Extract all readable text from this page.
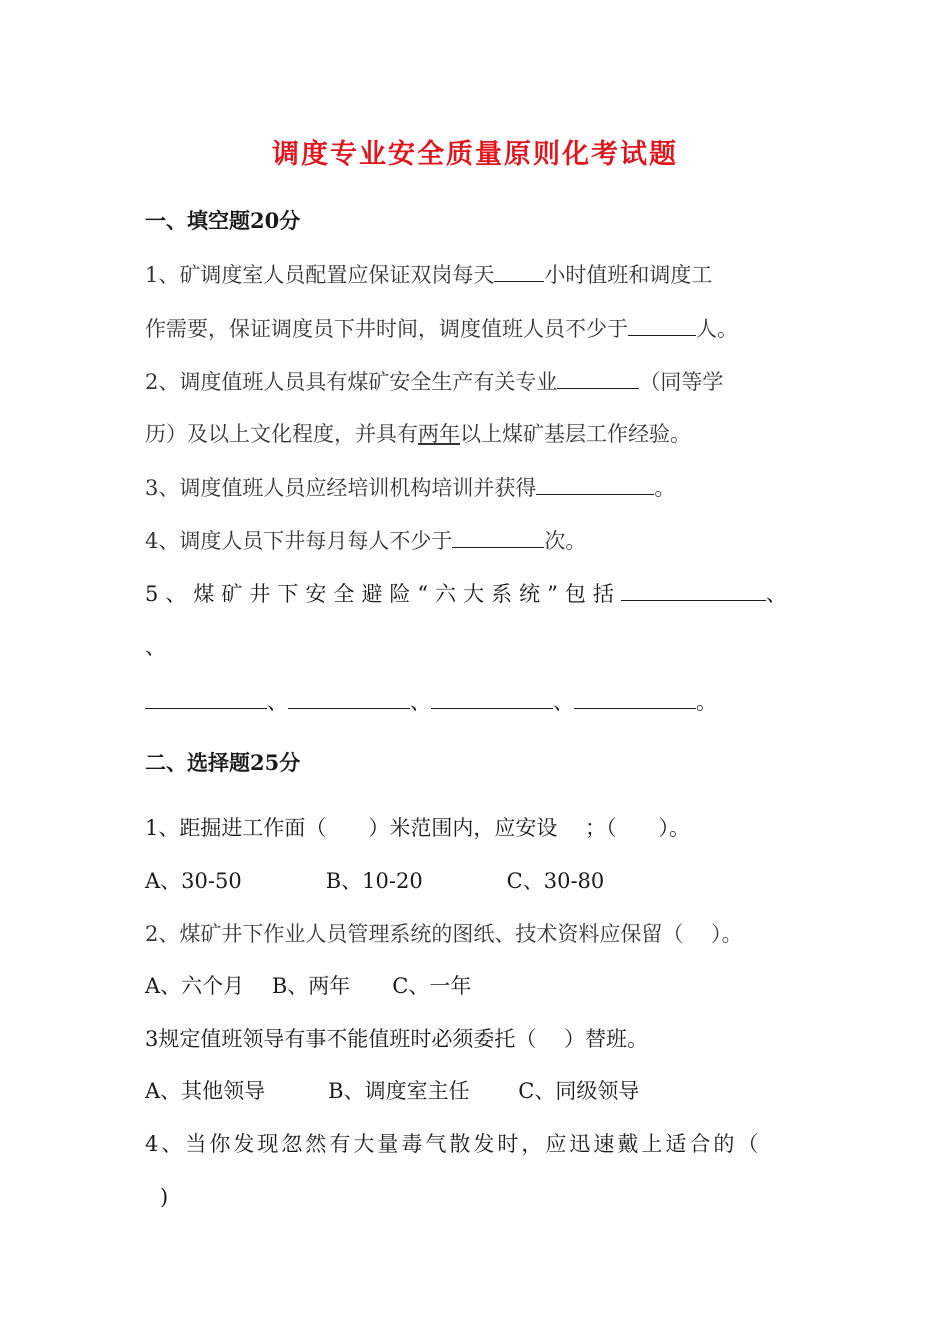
调度专业安全质量原则化考试题
一、填空题20分
1、矿调度室人员配置应保证双岗每天 小时值班和调度工
作需要，保证调度员下井时间，调度值班人员不少于	人。
2、调度值班人员具有煤矿安全生产有关专业	（同等学
历）及以上文化程度，并具有两年以上煤矿基层工作经验。
3、调度值班人员应经培训机构培训并获得	。
4、调度人员下井每月每人不少于	次。
5、煤矿井下安全避险“六大系统”包括	、
、
、	、	、	。
二、选择题25分
1、距掘进工作面（　　）米范围内，应安设　 ；（　　）。
A、30-50　　　　B、10-20　　　　C、30-80
2、煤矿井下作业人员管理系统的图纸、技术资料应保留（　 ）。
A、六个月　 B、两年　　C、一年
3规定值班领导有事不能值班时必须委托（　 ）替班。
A、其他领导　　　B、调度室主任　　 C、同级领导
4、当你发现忽然有大量毒气散发时，应迅速戴上适合的（
)
